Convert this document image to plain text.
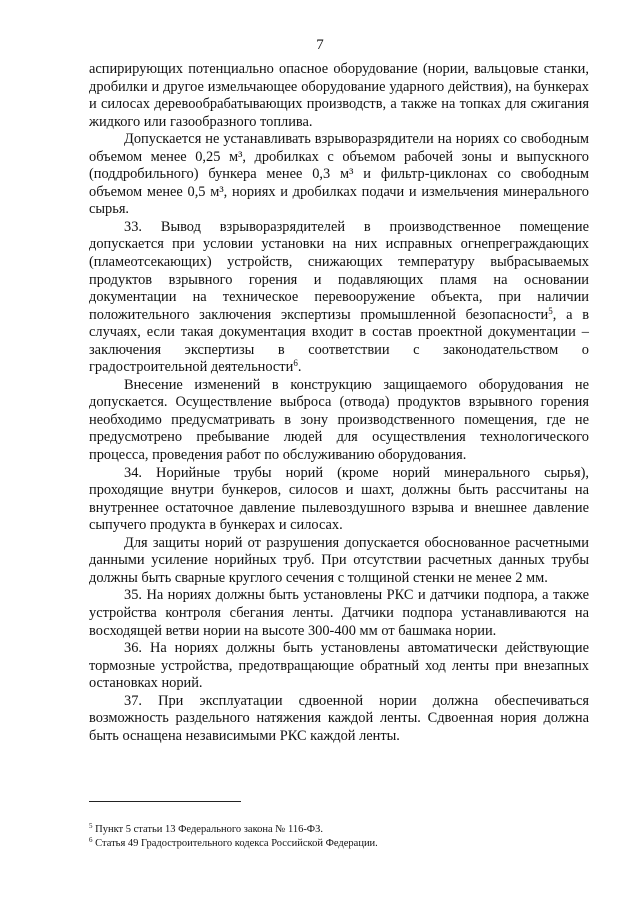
7

аспирирующих потенциально опасное оборудование (нории, вальцовые станки, дробилки и другое измельчающее оборудование ударного действия), на бункерах и силосах деревообрабатывающих производств, а также на топках для сжигания жидкого или газообразного топлива.

Допускается не устанавливать взрыворазрядители на нориях со свободным объемом менее 0,25 м³, дробилках с объемом рабочей зоны и выпускного (поддробильного) бункера менее 0,3 м³ и фильтр-циклонах со свободным объемом менее 0,5 м³, нориях и дробилках подачи и измельчения минерального сырья.

33. Вывод взрыворазрядителей в производственное помещение допускается при условии установки на них исправных огнепреграждающих (пламеотсекающих) устройств, снижающих температуру выбрасываемых продуктов взрывного горения и подавляющих пламя на основании документации на техническое перевооружение объекта, при наличии положительного заключения экспертизы промышленной безопасности$^5$, а в случаях, если такая документация входит в состав проектной документации – заключения экспертизы в соответствии с законодательством о градостроительной деятельности$^6$.

Внесение изменений в конструкцию защищаемого оборудования не допускается. Осуществление выброса (отвода) продуктов взрывного горения необходимо предусматривать в зону производственного помещения, где не предусмотрено пребывание людей для осуществления технологического процесса, проведения работ по обслуживанию оборудования.

34. Норийные трубы норий (кроме норий минерального сырья), проходящие внутри бункеров, силосов и шахт, должны быть рассчитаны на внутреннее остаточное давление пылевоздушного взрыва и внешнее давление сыпучего продукта в бункерах и силосах.

Для защиты норий от разрушения допускается обоснованное расчетными данными усиление норийных труб. При отсутствии расчетных данных трубы должны быть сварные круглого сечения с толщиной стенки не менее 2 мм.

35. На нориях должны быть установлены РКС и датчики подпора, а также устройства контроля сбегания ленты. Датчики подпора устанавливаются на восходящей ветви нории на высоте 300-400 мм от башмака нории.

36. На нориях должны быть установлены автоматически действующие тормозные устройства, предотвращающие обратный ход ленты при внезапных остановках норий.

37. При эксплуатации сдвоенной нории должна обеспечиваться возможность раздельного натяжения каждой ленты. Сдвоенная нория должна быть оснащена независимыми РКС каждой ленты.

$^5$ Пункт 5 статьи 13 Федерального закона № 116-ФЗ.

$^6$ Статья 49 Градостроительного кодекса Российской Федерации.
